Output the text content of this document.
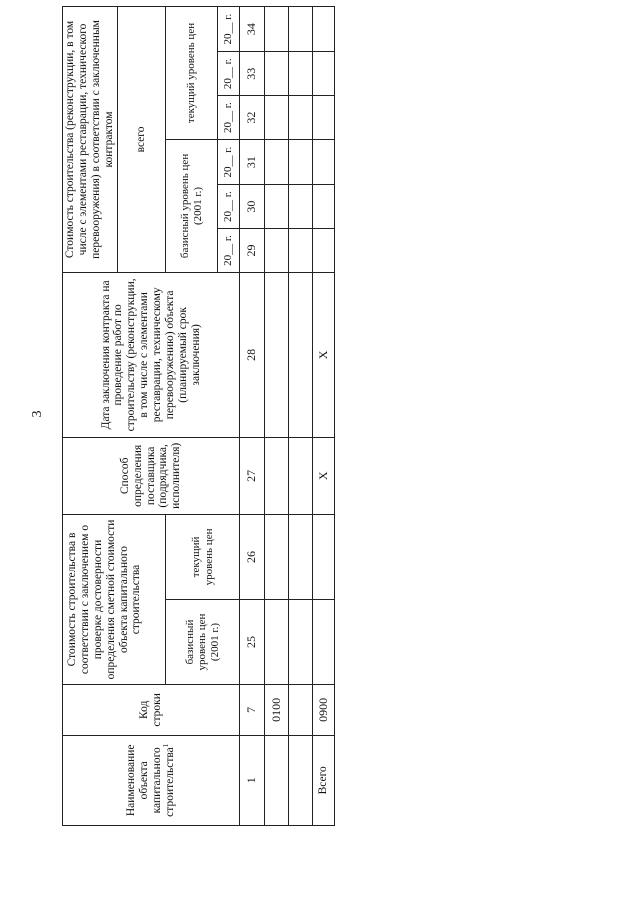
3
Наименование объекта капитального строительства$^1$	Код строки	Стоимость строительства в соответствии с заключением о проверке достоверности определения сметной стоимости объекта капитального строительства		Способ определения поставщика (подрядчика, исполнителя)	Дата заключения контракта на проведение работ по строительству (реконструкции, в том числе с элементами реставрации, техническому перевооружению) объекта (планируемый срок заключения)	Стоимость строительства (реконструкции, в том числе с элементами реставрации, технического перевооружения) в соответствии с заключенным контрактом					
						всего					
		базисный уровень цен (2001 г.)	текущий уровень цен			базисный уровень цен (2001 г.)			текущий уровень цен		
						20__ г.	20__ г.	20__ г.	20__ г.	20__ г.	20__ г.
1	7	25	26	27	28	29	30	31	32	33	34
	0100										

Всего	0900			X	X						
